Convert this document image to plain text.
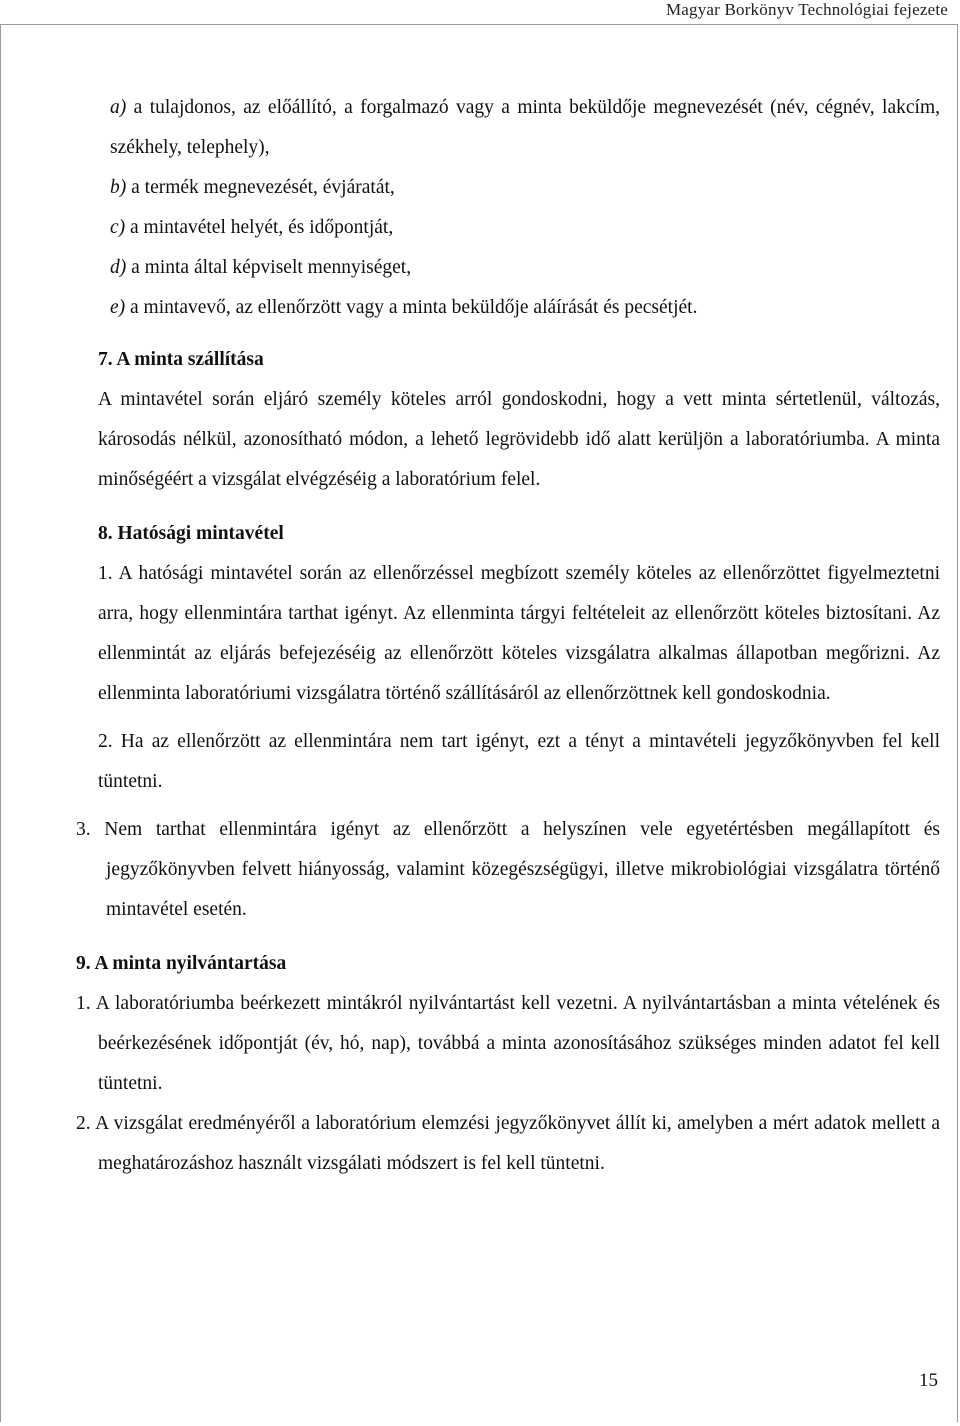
Magyar Borkönyv Technológiai fejezete
a) a tulajdonos, az előállító, a forgalmazó vagy a minta beküldője megnevezését (név, cégnév, lakcím, székhely, telephely),
b) a termék megnevezését, évjáratát,
c) a mintavétel helyét, és időpontját,
d) a minta által képviselt mennyiséget,
e) a mintavevő, az ellenőrzött vagy a minta beküldője aláírását és pecsétjét.
7. A minta szállítása
A mintavétel során eljáró személy köteles arról gondoskodni, hogy a vett minta sértetlenül, változás, károsodás nélkül, azonosítható módon, a lehető legrövidebb idő alatt kerüljön a laboratóriumba. A minta minőségéért a vizsgálat elvégzéséig a laboratórium felel.
8. Hatósági mintavétel
1. A hatósági mintavétel során az ellenőrzéssel megbízott személy köteles az ellenőrzöttet figyelmeztetni arra, hogy ellenmintára tarthat igényt. Az ellenminta tárgyi feltételeit az ellenőrzött köteles biztosítani. Az ellenmintát az eljárás befejezéséig az ellenőrzött köteles vizsgálatra alkalmas állapotban megőrizni. Az ellenminta laboratóriumi vizsgálatra történő szállításáról az ellenőrzöttnek kell gondoskodnia.
2. Ha az ellenőrzött az ellenmintára nem tart igényt, ezt a tényt a mintavételi jegyzőkönyvben fel kell tüntetni.
3. Nem tarthat ellenmintára igényt az ellenőrzött a helyszínen vele egyetértésben megállapított és jegyzőkönyvben felvett hiányosság, valamint közegészségügyi, illetve mikrobiológiai vizsgálatra történő mintavétel esetén.
9. A minta nyilvántartása
1. A laboratóriumba beérkezett mintákról nyilvántartást kell vezetni. A nyilvántartásban a minta vételének és beérkezésének időpontját (év, hó, nap), továbbá a minta azonosításához szükséges minden adatot fel kell tüntetni.
2. A vizsgálat eredményéről a laboratórium elemzési jegyzőkönyvet állít ki, amelyben a mért adatok mellett a meghatározáshoz használt vizsgálati módszert is fel kell tüntetni.
15
